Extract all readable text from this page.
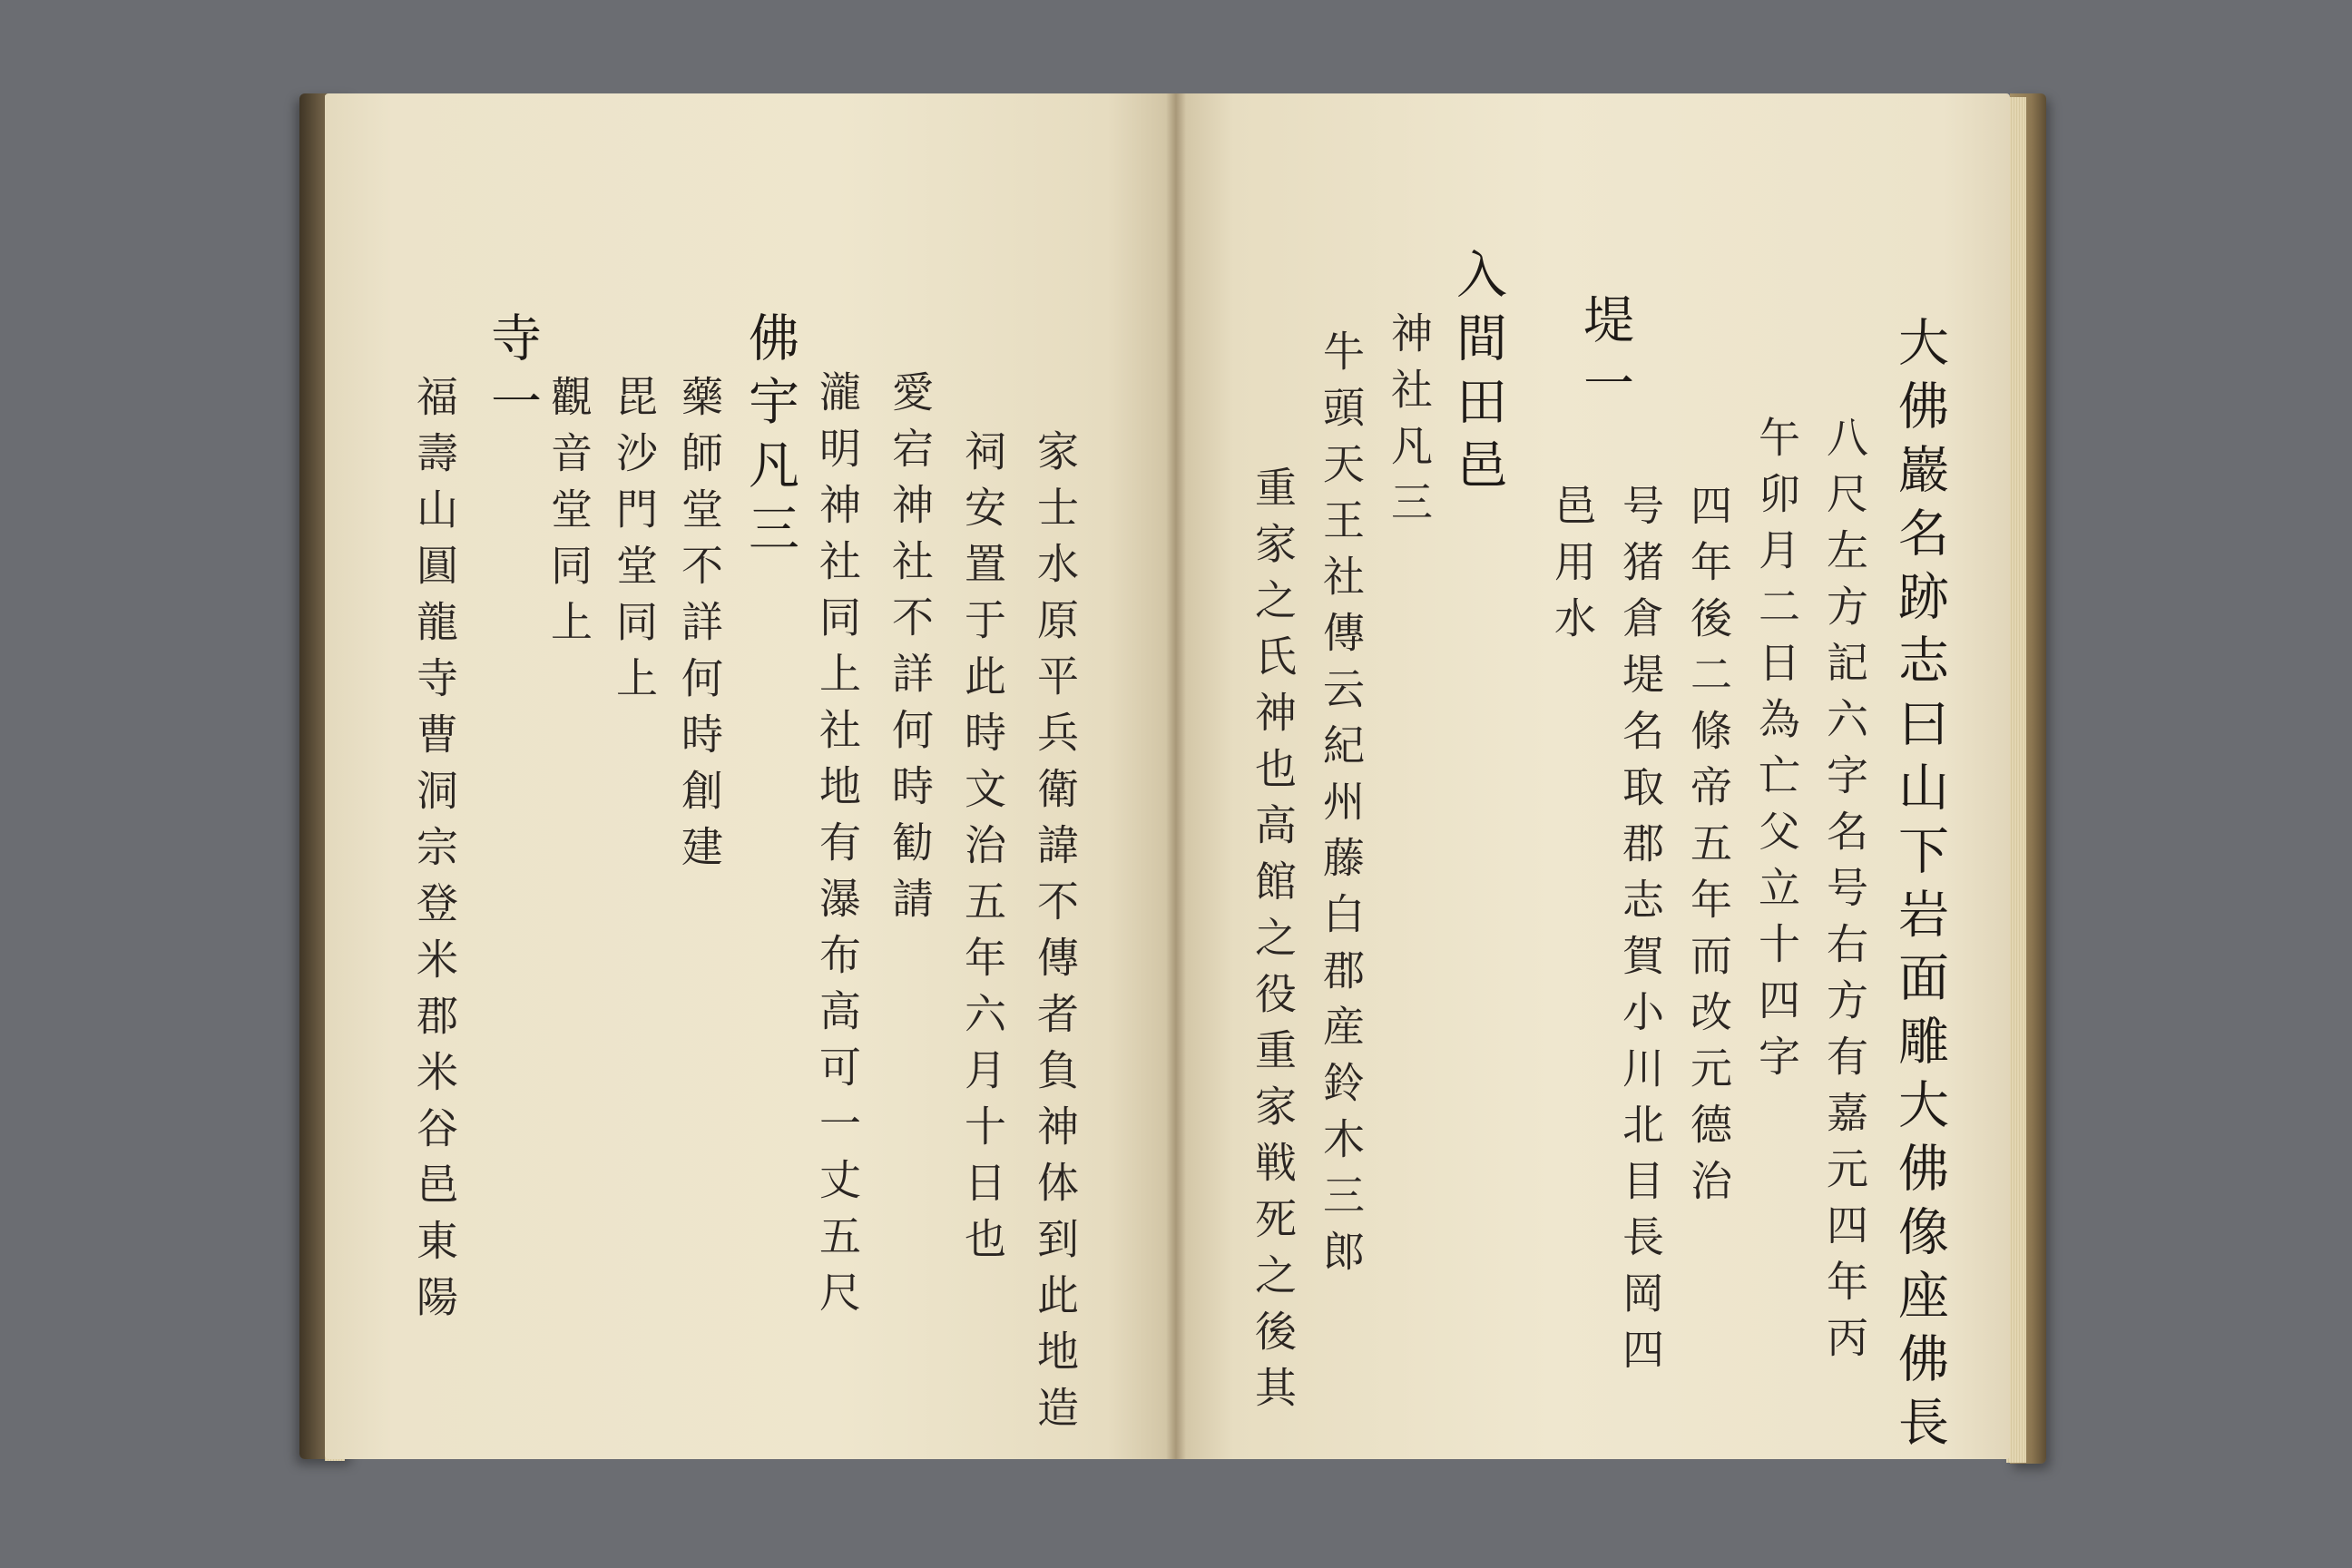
家士水原平兵衛諱不傳者負神体到此地造
祠安置于此時文治五年六月十日也
愛宕神社不詳何時勧請
瀧明神社同上社地有瀑布高可一丈五尺
佛宇凡三
藥師堂不詳何時創建
毘沙門堂同上
觀音堂同上
寺一
福壽山圓龍寺曹洞宗登米郡米谷邑東陽	大佛巖名跡志曰山下岩面雕大佛像座佛長
八尺左方記六字名号右方有嘉元四年丙
午卯月二日為亡父立十四字
四年後二條帝五年而改元德治
号猪倉堤名取郡志賀小川北目長岡四
邑用水
堤一
入間田邑
神社凡三
牛頭天王社傳云紀州藤白郡産鈴木三郎
重家之氏神也高館之役重家戦死之後其
